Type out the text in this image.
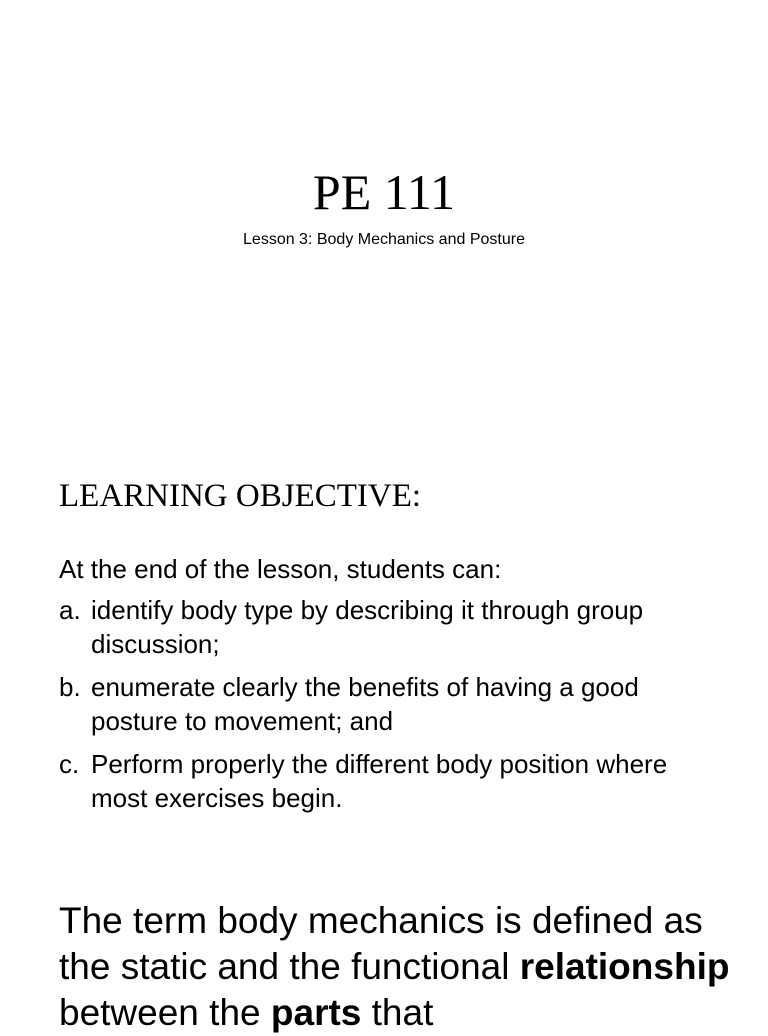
PE 111

Lesson 3: Body Mechanics and Posture

LEARNING OBJECTIVE:

At the end of the lesson, students can:

a. identify body type by describing it through group discussion;
b. enumerate clearly the benefits of having a good posture to movement; and
c. Perform properly the different body position where most exercises begin.

The term body mechanics is defined as the static and the functional relationship between the parts that
